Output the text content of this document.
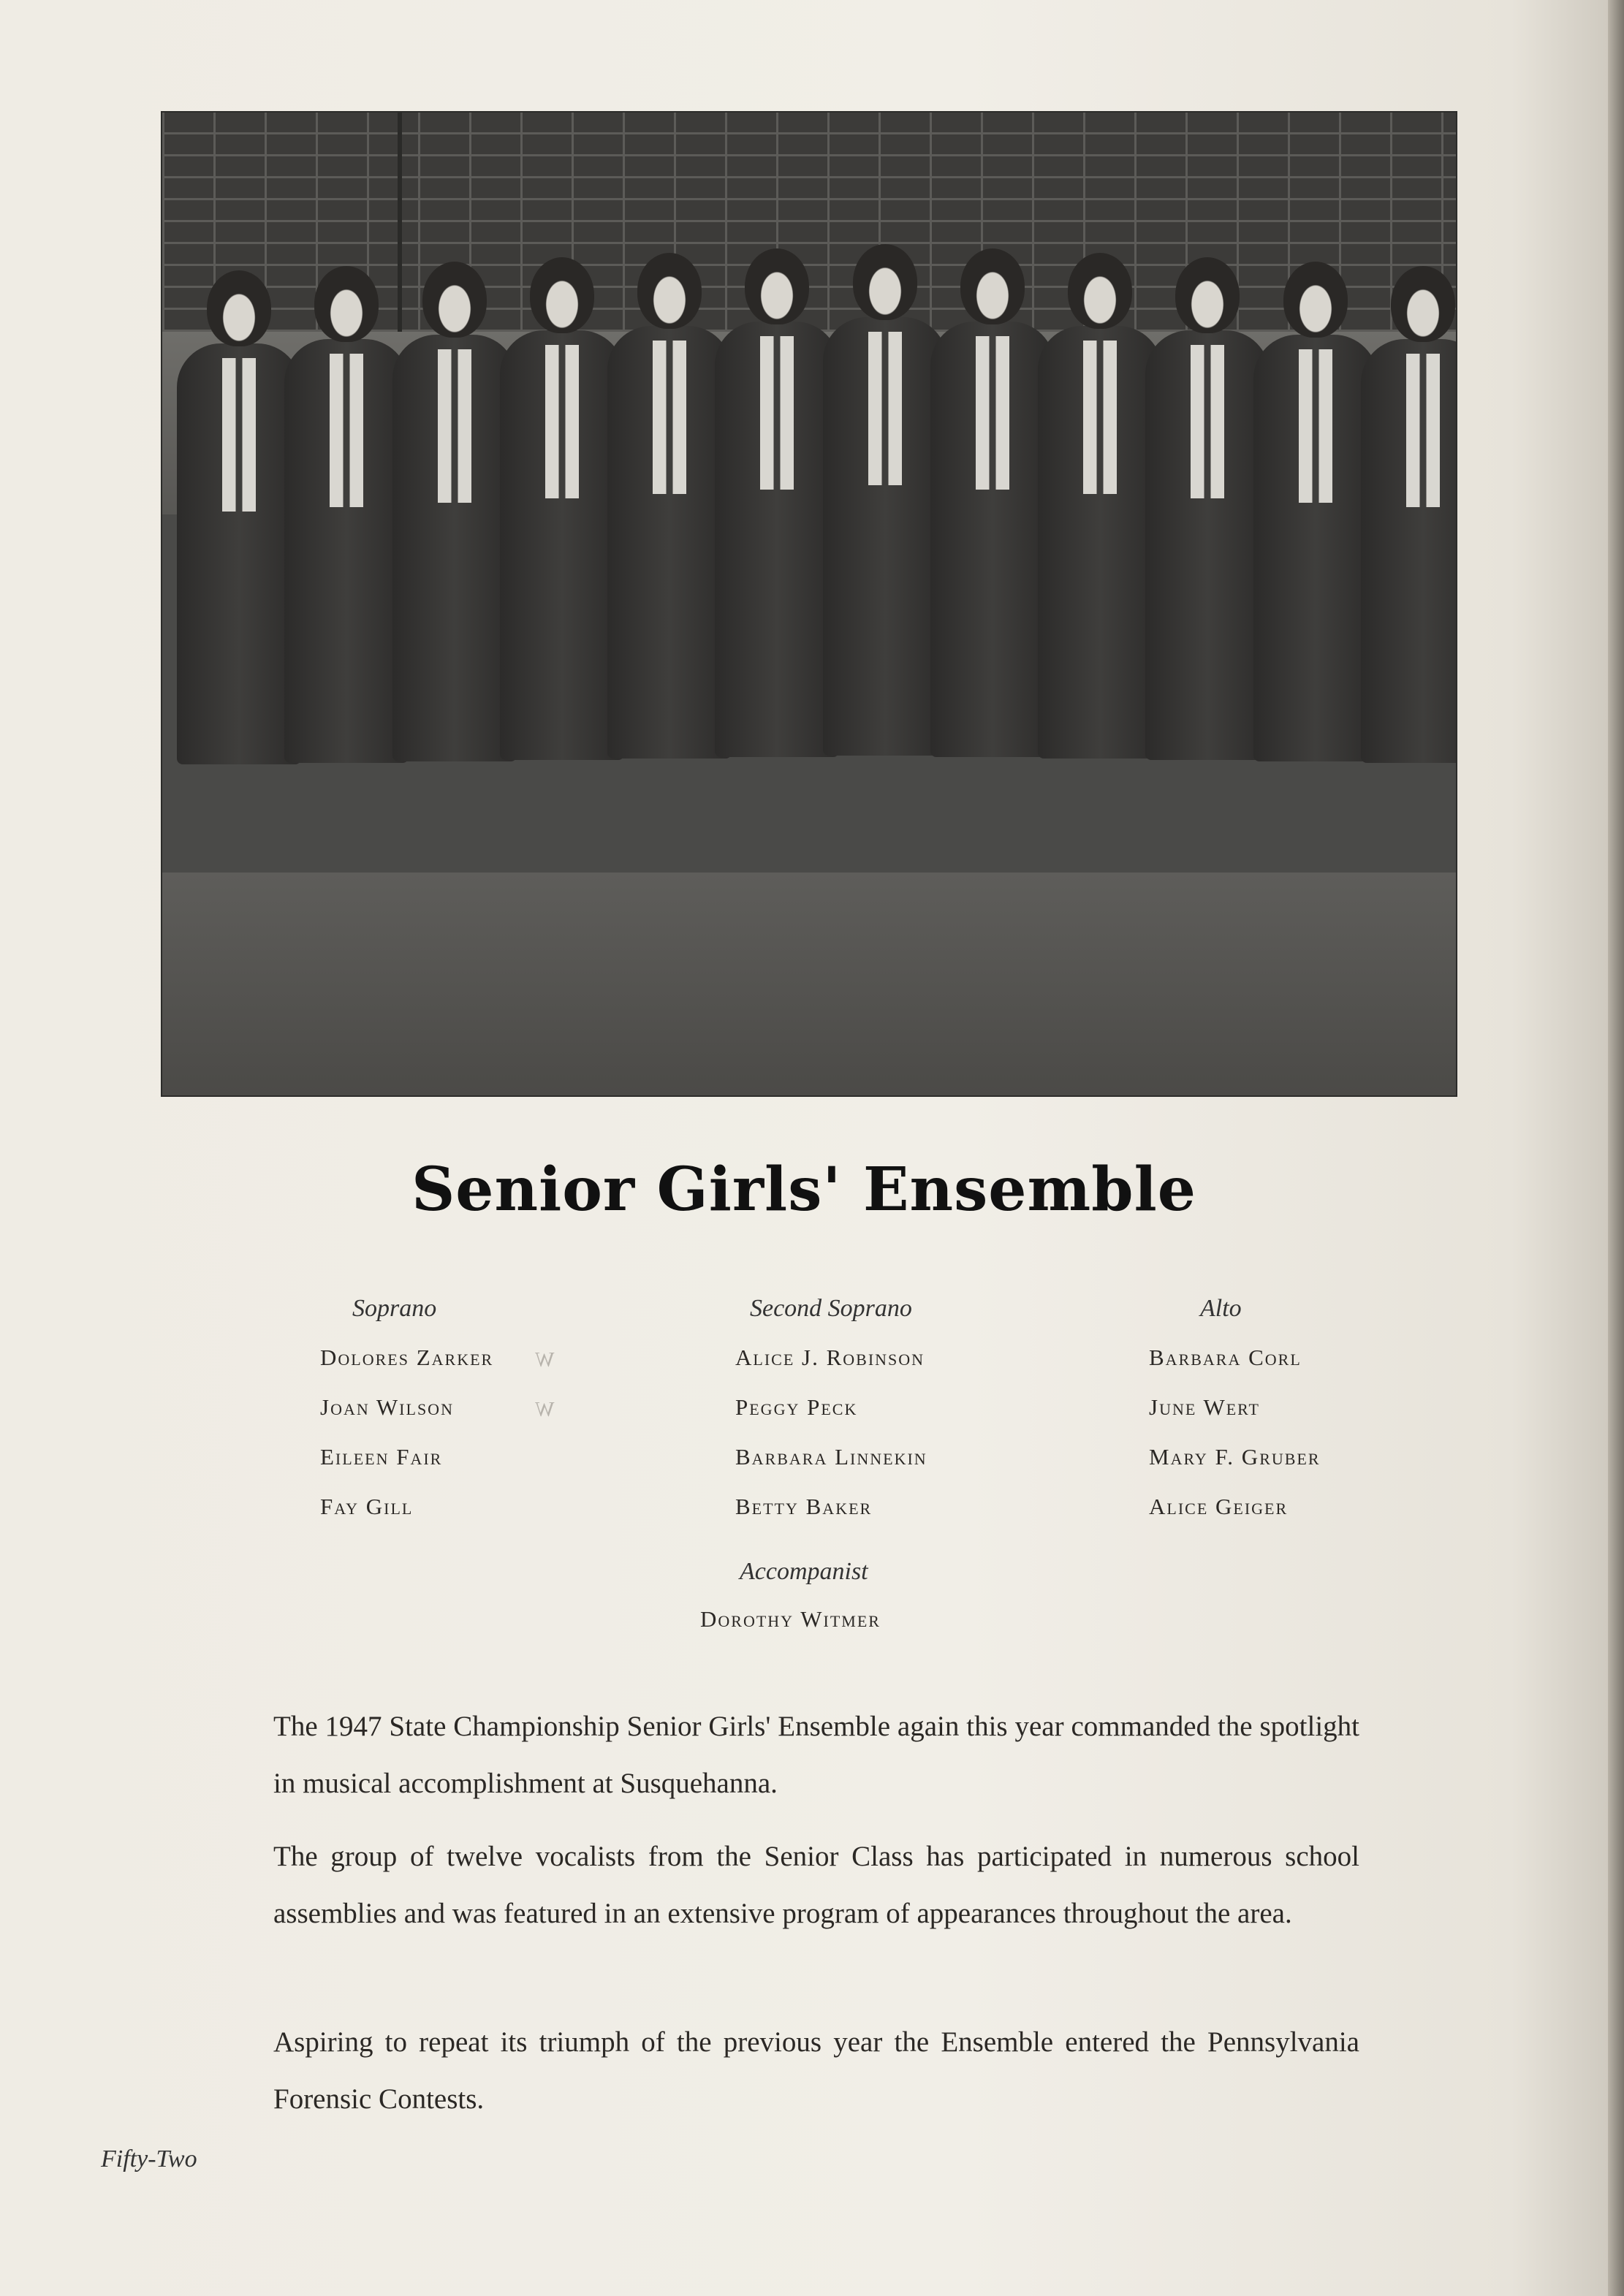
Senior Girls' Ensemble
Soprano	Second Soprano	Alto
Dolores Zarker
Joan Wilson
Eileen Fair
Fay Gill
Alice J. Robinson
Peggy Peck
Barbara Linnekin
Betty Baker
Barbara Corl
June Wert
Mary F. Gruber
Alice Geiger
W
W
Accompanist
Dorothy Witmer

The 1947 State Championship Senior Girls' Ensemble again this year commanded the spotlight in musical accomplishment at Susquehanna.

The group of twelve vocalists from the Senior Class has participated in numerous school assemblies and was featured in an extensive program of appearances throughout the area.

Aspiring to repeat its triumph of the previous year the Ensemble entered the Pennsylvania Forensic Contests.

Fifty-Two
